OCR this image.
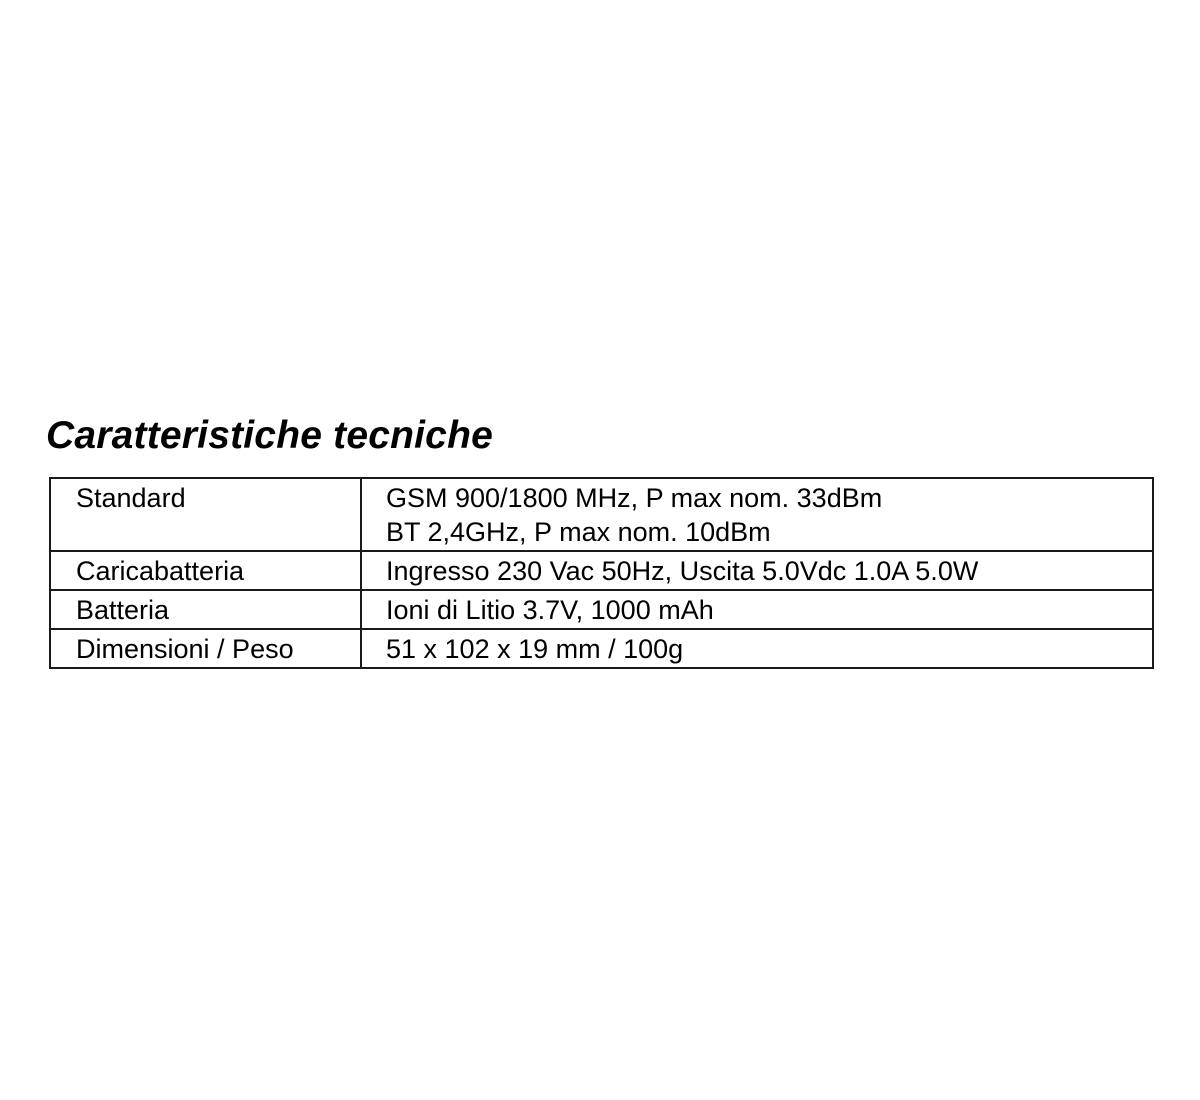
Caratteristiche tecniche
Standard	GSM 900/1800 MHz, P max nom. 33dBm
BT 2,4GHz, P max nom. 10dBm

Caricabatteria	Ingresso 230 Vac 50Hz, Uscita 5.0Vdc 1.0A 5.0W

Batteria	Ioni di Litio 3.7V, 1000 mAh

Dimensioni / Peso	51 x 102 x 19 mm / 100g
